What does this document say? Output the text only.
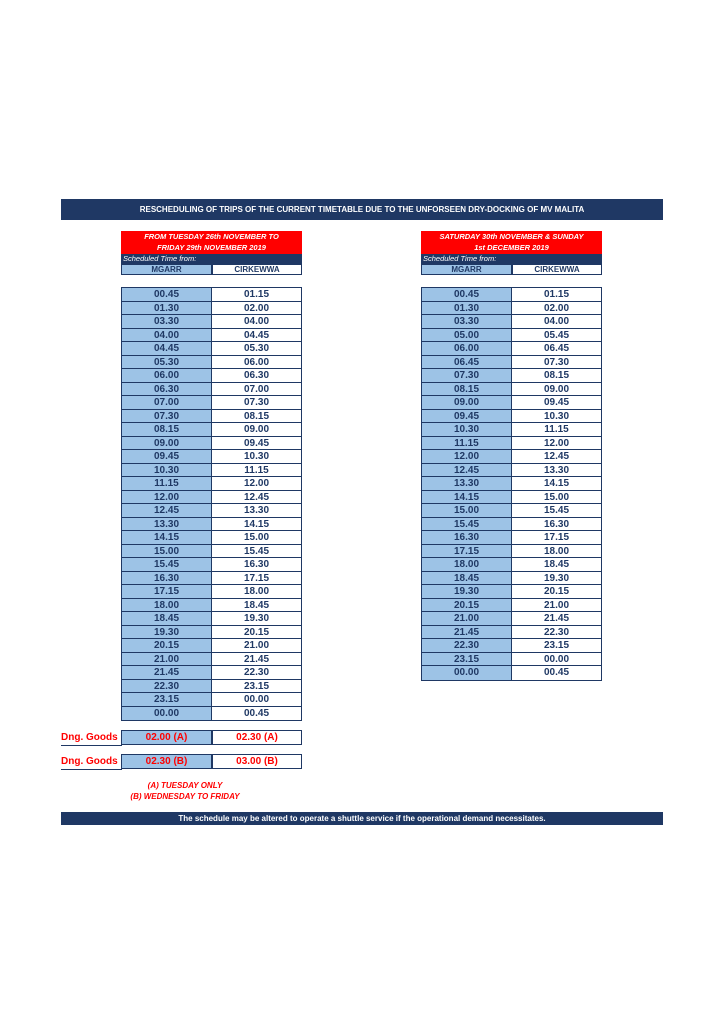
RESCHEDULING OF TRIPS OF THE CURRENT TIMETABLE DUE TO THE UNFORSEEN DRY-DOCKING OF MV MALITA
FROM TUESDAY 26th NOVEMBER TO
FRIDAY 29th NOVEMBER 2019
Scheduled Time from:
MGARR	CIRKEWWA
00.45	01.15
01.30	02.00
03.30	04.00
04.00	04.45
04.45	05.30
05.30	06.00
06.00	06.30
06.30	07.00
07.00	07.30
07.30	08.15
08.15	09.00
09.00	09.45
09.45	10.30
10.30	11.15
11.15	12.00
12.00	12.45
12.45	13.30
13.30	14.15
14.15	15.00
15.00	15.45
15.45	16.30
16.30	17.15
17.15	18.00
18.00	18.45
18.45	19.30
19.30	20.15
20.15	21.00
21.00	21.45
21.45	22.30
22.30	23.15
23.15	00.00
00.00	00.45
SATURDAY 30th NOVEMBER & SUNDAY
1st DECEMBER 2019
Scheduled Time from:
MGARR	CIRKEWWA
00.45	01.15
01.30	02.00
03.30	04.00
05.00	05.45
06.00	06.45
06.45	07.30
07.30	08.15
08.15	09.00
09.00	09.45
09.45	10.30
10.30	11.15
11.15	12.00
12.00	12.45
12.45	13.30
13.30	14.15
14.15	15.00
15.00	15.45
15.45	16.30
16.30	17.15
17.15	18.00
18.00	18.45
18.45	19.30
19.30	20.15
20.15	21.00
21.00	21.45
21.45	22.30
22.30	23.15
23.15	00.00
00.00	00.45
Dng. Goods	02.00 (A)	02.30 (A)
Dng. Goods	02.30 (B)	03.00 (B)
(A) TUESDAY ONLY
(B) WEDNESDAY TO FRIDAY
The schedule may be altered to operate a shuttle service if the operational demand necessitates.
